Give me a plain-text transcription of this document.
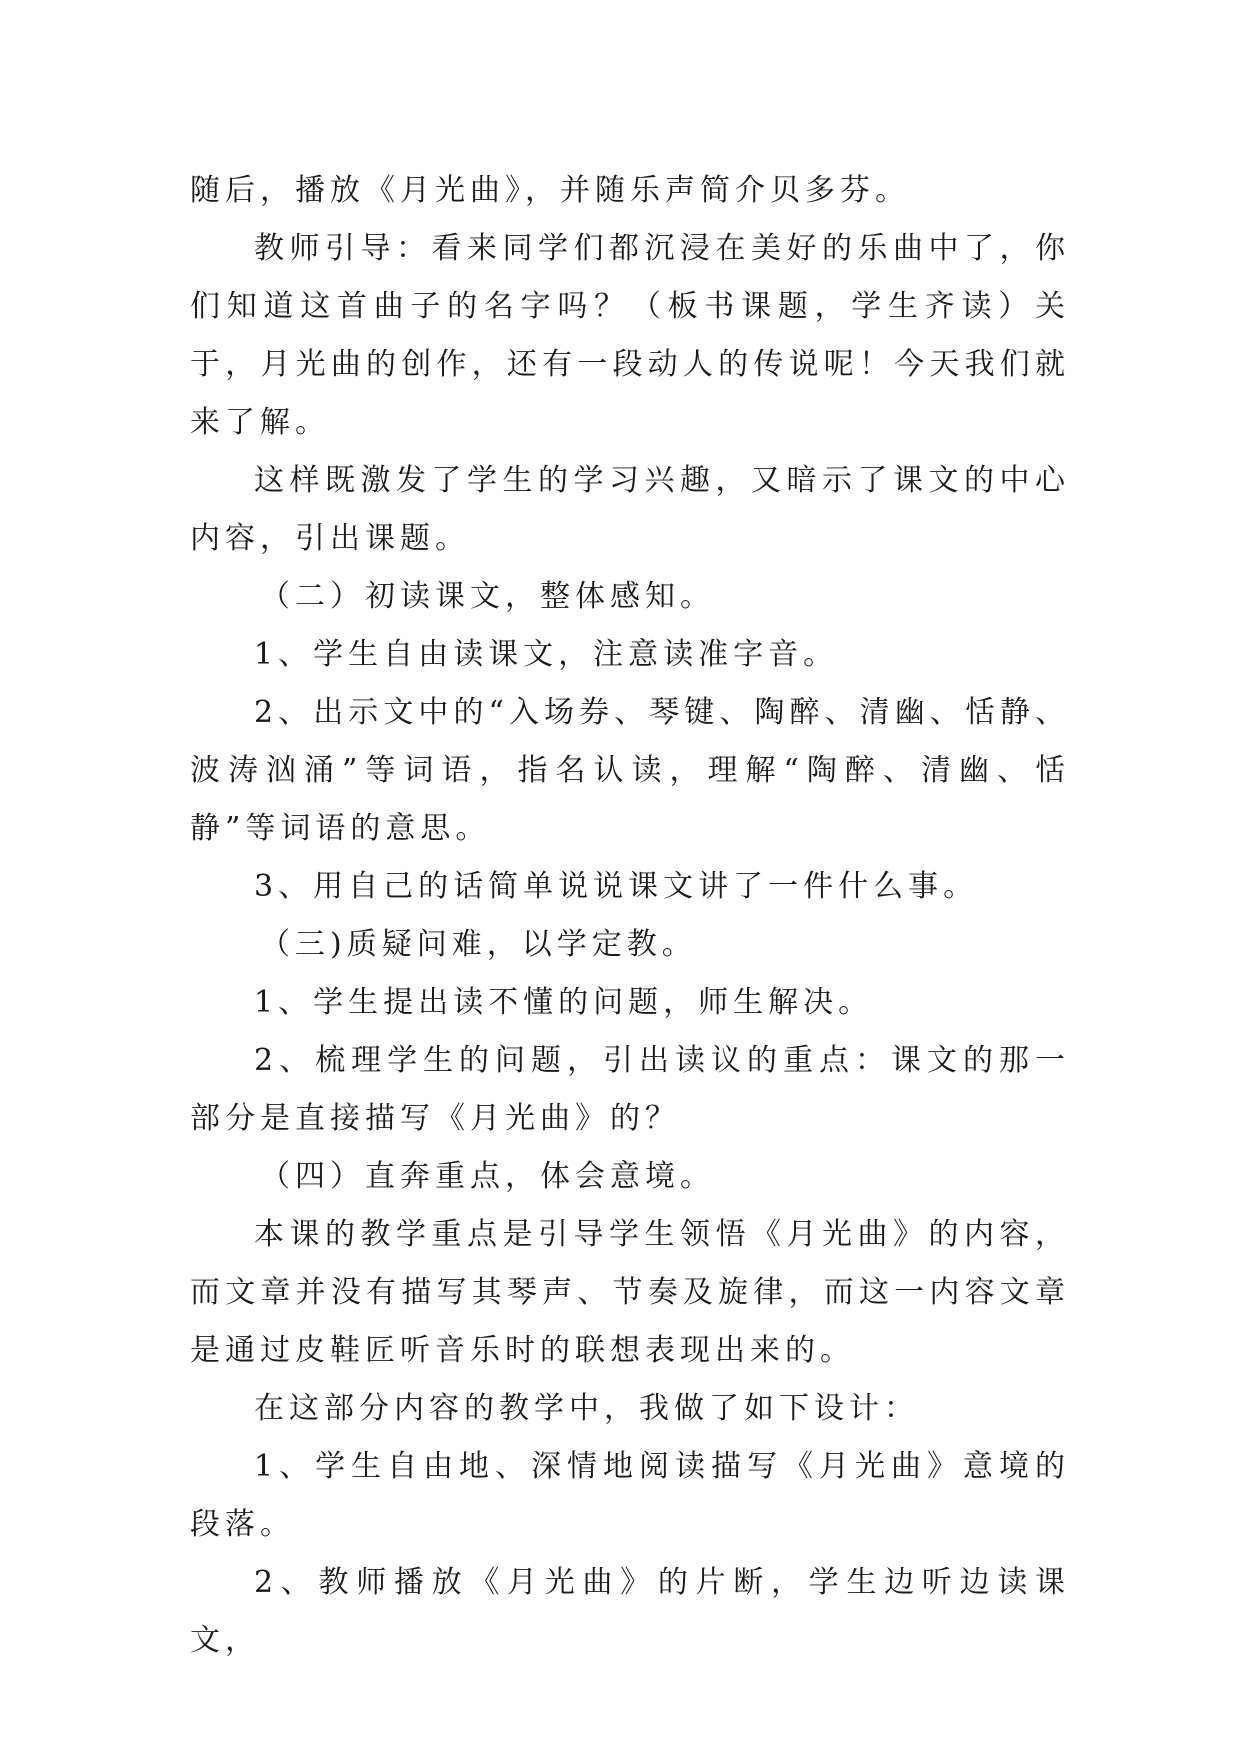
随后，播放《月光曲》，并随乐声简介贝多芬。

教师引导：看来同学们都沉浸在美好的乐曲中了，你们知道这首曲子的名字吗？（板书课题，学生齐读）关于，月光曲的创作，还有一段动人的传说呢！今天我们就来了解。

这样既激发了学生的学习兴趣，又暗示了课文的中心内容，引出课题。

（二）初读课文，整体感知。

1、学生自由读课文，注意读准字音。

2、出示文中的“入场券、琴键、陶醉、清幽、恬静、波涛汹涌”等词语，指名认读，理解“陶醉、清幽、恬静”等词语的意思。

3、用自己的话简单说说课文讲了一件什么事。

（三)质疑问难，以学定教。

1、学生提出读不懂的问题，师生解决。

2、梳理学生的问题，引出读议的重点：课文的那一部分是直接描写《月光曲》的？

（四）直奔重点，体会意境。

本课的教学重点是引导学生领悟《月光曲》的内容，而文章并没有描写其琴声、节奏及旋律，而这一内容文章是通过皮鞋匠听音乐时的联想表现出来的。

在这部分内容的教学中，我做了如下设计：

1、学生自由地、深情地阅读描写《月光曲》意境的段落。

2、教师播放《月光曲》的片断，学生边听边读课文，
